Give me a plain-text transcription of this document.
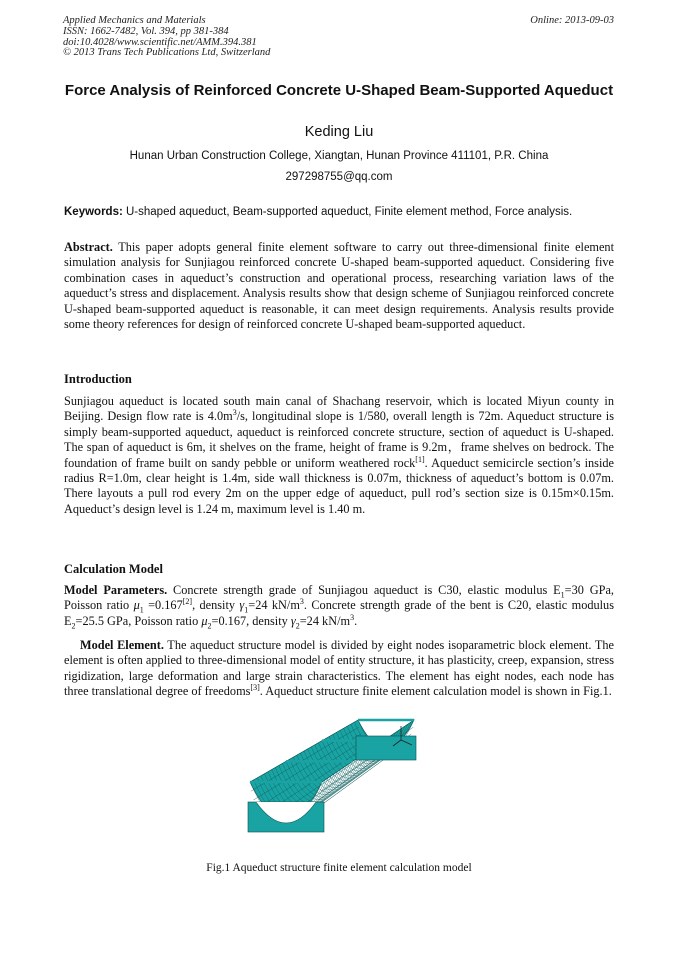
Applied Mechanics and Materials
ISSN: 1662-7482, Vol. 394, pp 381-384
doi:10.4028/www.scientific.net/AMM.394.381
© 2013 Trans Tech Publications Ltd, Switzerland
Online: 2013-09-03
Force Analysis of Reinforced Concrete U-Shaped Beam-Supported Aqueduct
Keding Liu
Hunan Urban Construction College, Xiangtan, Hunan Province 411101, P.R. China
297298755@qq.com
Keywords: U-shaped aqueduct, Beam-supported aqueduct, Finite element method, Force analysis.
Abstract. This paper adopts general finite element software to carry out three-dimensional finite element simulation analysis for Sunjiagou reinforced concrete U-shaped beam-supported aqueduct. Considering five combination cases in aqueduct’s construction and operational process, researching variation laws of the aqueduct’s stress and displacement. Analysis results show that design scheme of Sunjiagou reinforced concrete U-shaped beam-supported aqueduct is reasonable, it can meet design requirements. Analysis results provide some theory references for design of reinforced concrete U-shaped beam-supported aqueduct.
Introduction
Sunjiagou aqueduct is located south main canal of Shachang reservoir, which is located Miyun county in Beijing. Design flow rate is $4.0m^3/s$, longitudinal slope is 1/580, overall length is 72m. Aqueduct structure is simply beam-supported aqueduct, aqueduct is reinforced concrete structure, section of aqueduct is U-shaped. The span of aqueduct is 6m, it shelves on the frame, height of frame is 9.2m，frame shelves on bedrock. The foundation of frame built on sandy pebble or uniform weathered rock[1]. Aqueduct semicircle section’s inside radius R=1.0m, clear height is 1.4m, side wall thickness is 0.07m, thickness of aqueduct’s bottom is 0.07m. There layouts a pull rod every 2m on the upper edge of aqueduct, pull rod’s section size is 0.15m×0.15m. Aqueduct’s design level is 1.24 m, maximum level is 1.40 m.
Calculation Model
Model Parameters. Concrete strength grade of Sunjiagou aqueduct is C30, elastic modulus $E_1=30$ GPa, Poisson ratio $\mu_1 =0.167[2]$, density $\gamma_1=24$ $kN/m^3$. Concrete strength grade of the bent is C20, elastic modulus $E_2=25.5$ GPa, Poisson ratio $\mu_2=0.167$, density $\gamma_2=24$ $kN/m^3$.
Model Element. The aqueduct structure model is divided by eight nodes isoparametric block element. The element is often applied to three-dimensional model of entity structure, it has plasticity, creep, expansion, stress rigidization, large deformation and large strain characteristics. The element has eight nodes, each node has three translational degree of freedoms[3]. Aqueduct structure finite element calculation model is shown in Fig.1.
Fig.1 Aqueduct structure finite element calculation model
